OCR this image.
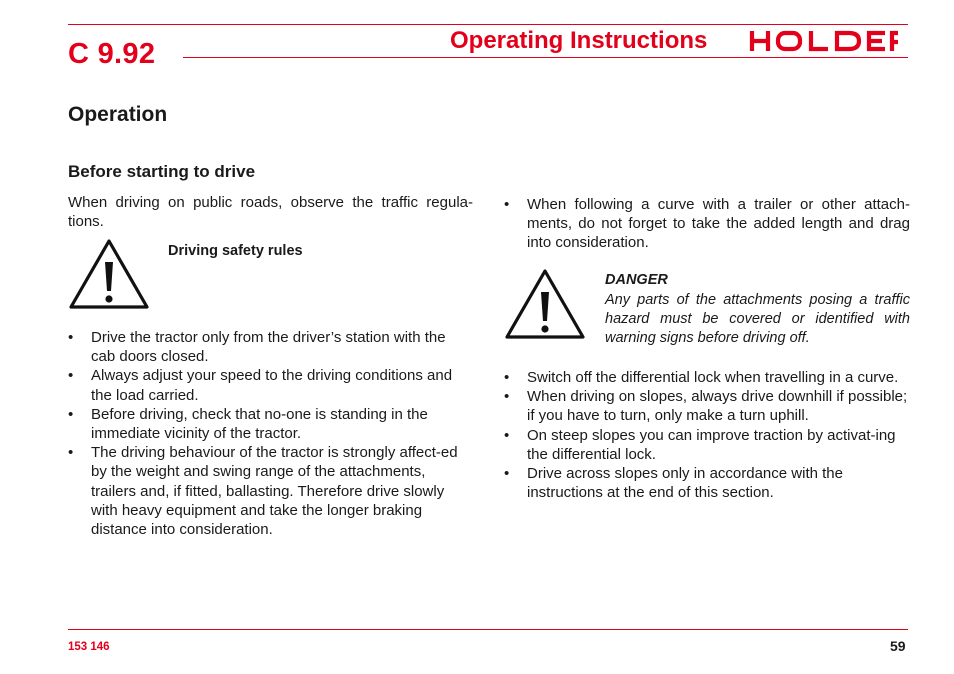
C 9.92	Operating Instructions	HOLDER
Operation
Before starting to drive
When driving on public roads, observe the traffic regula-tions.
Driving safety rules
• Drive the tractor only from the driver’s station with the cab doors closed.
• Always adjust your speed to the driving conditions and the load carried.
• Before driving, check that no-one is standing in the immediate vicinity of the tractor.
• The driving behaviour of the tractor is strongly affect-ed by the weight and swing range of the attachments, trailers and, if fitted, ballasting. Therefore drive slowly with heavy equipment and take the longer braking distance into consideration.
• When following a curve with a trailer or other attach-ments, do not forget to take the added length and drag into consideration.
DANGER
Any parts of the attachments posing a traffic hazard must be covered or identified with warning signs before driving off.
• Switch off the differential lock when travelling in a curve.
• When driving on slopes, always drive downhill if possible; if you have to turn, only make a turn uphill.
• On steep slopes you can improve traction by activat-ing the differential lock.
• Drive across slopes only in accordance with the instructions at the end of this section.
153 146	59
